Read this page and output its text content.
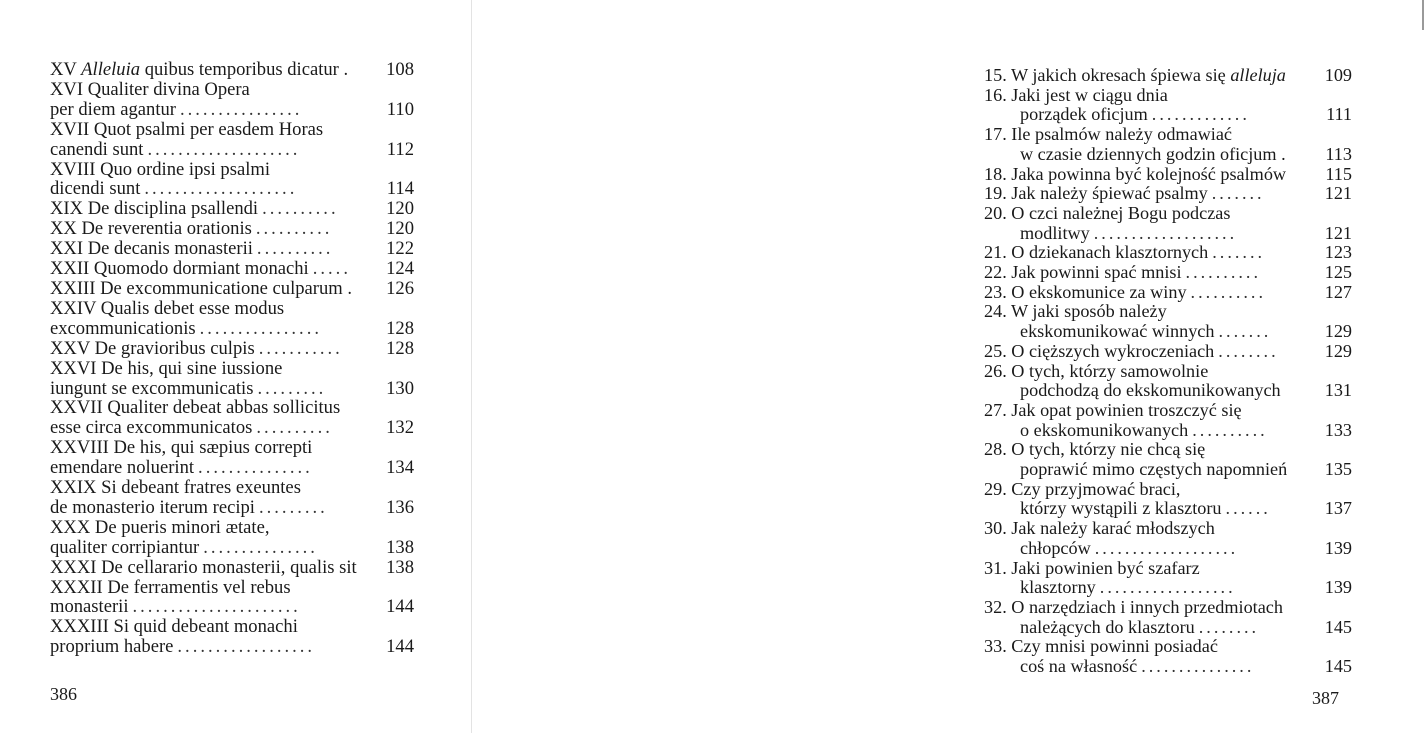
XV Alleluia quibus temporibus dicatur . 108
XVI Qualiter divina Opera
per diem agantur ................	110
XVII Quot psalmi per easdem Horas
canendi sunt ....................	112
XVIII Quo ordine ipsi psalmi
dicendi sunt ....................	114
XIX De disciplina psallendi ..........	120
XX De reverentia orationis ..........	120
XXI De decanis monasterii ..........	122
XXII Quomodo dormiant monachi .....	124
XXIII De excommunicatione culparum . 126
XXIV Qualis debet esse modus
excommunicationis ................	128
XXV De gravioribus culpis ...........	128
XXVI De his, qui sine iussione
iungunt se excommunicatis .........	130
XXVII Qualiter debeat abbas sollicitus
esse circa excommunicatos ..........	132
XXVIII De his, qui sæpius correpti
emendare noluerint ...............	134
XXIX Si debeant fratres exeuntes
de monasterio iterum recipi .........	136
XXX De pueris minori ætate,
qualiter corripiantur ...............	138
XXXI De cellarario monasterii, qualis sit 138
XXXII De ferramentis vel rebus
monasterii ......................	144
XXXIII Si quid debeant monachi
proprium habere ..................	144
386
15. W jakich okresach śpiewa się alleluja 109
16. Jaki jest w ciągu dnia
porządek oficjum .............	111
17. Ile psalmów należy odmawiać
w czasie dziennych godzin oficjum . 113
18. Jaka powinna być kolejność psalmów 115
19. Jak należy śpiewać psalmy .......	121
20. O czci należnej Bogu podczas
modlitwy ...................	121
21. O dziekanach klasztornych .......	123
22. Jak powinni spać mnisi ..........	125
23. O ekskomunice za winy ..........	127
24. W jaki sposób należy
ekskomunikować winnych .......	129
25. O cięższych wykroczeniach ........	129
26. O tych, którzy samowolnie
podchodzą do ekskomunikowanych 131
27. Jak opat powinien troszczyć się
o ekskomunikowanych ..........	133
28. O tych, którzy nie chcą się
poprawić mimo częstych napomnień 135
29. Czy przyjmować braci,
którzy wystąpili z klasztoru ......	137
30. Jak należy karać młodszych
chłopców ...................	139
31. Jaki powinien być szafarz
klasztorny ..................	139
32. O narzędziach i innych przedmiotach
należących do klasztoru ........	145
33. Czy mnisi powinni posiadać
coś na własność ...............	145
387
